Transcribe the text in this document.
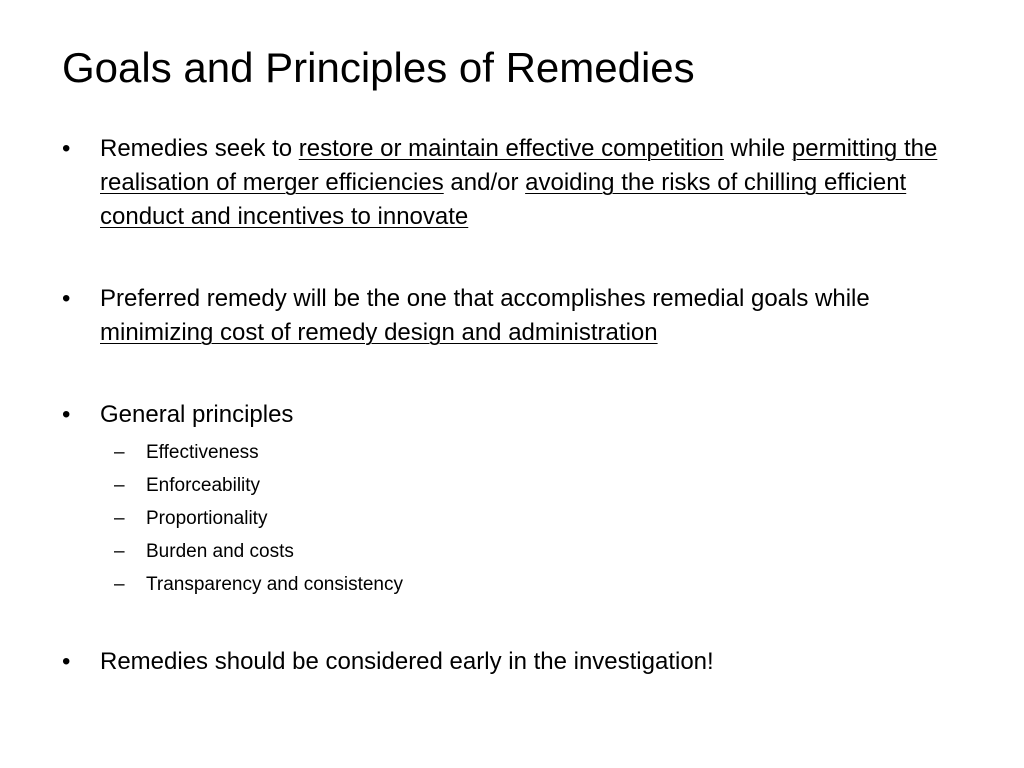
Goals and Principles of Remedies
• Remedies seek to restore or maintain effective competition while permitting the realisation of merger efficiencies and/or avoiding the risks of chilling efficient conduct and incentives to innovate
• Preferred remedy will be the one that accomplishes remedial goals while minimizing cost of remedy design and administration
• General principles
– Effectiveness
– Enforceability
– Proportionality
– Burden and costs
– Transparency and consistency
• Remedies should be considered early in the investigation!
